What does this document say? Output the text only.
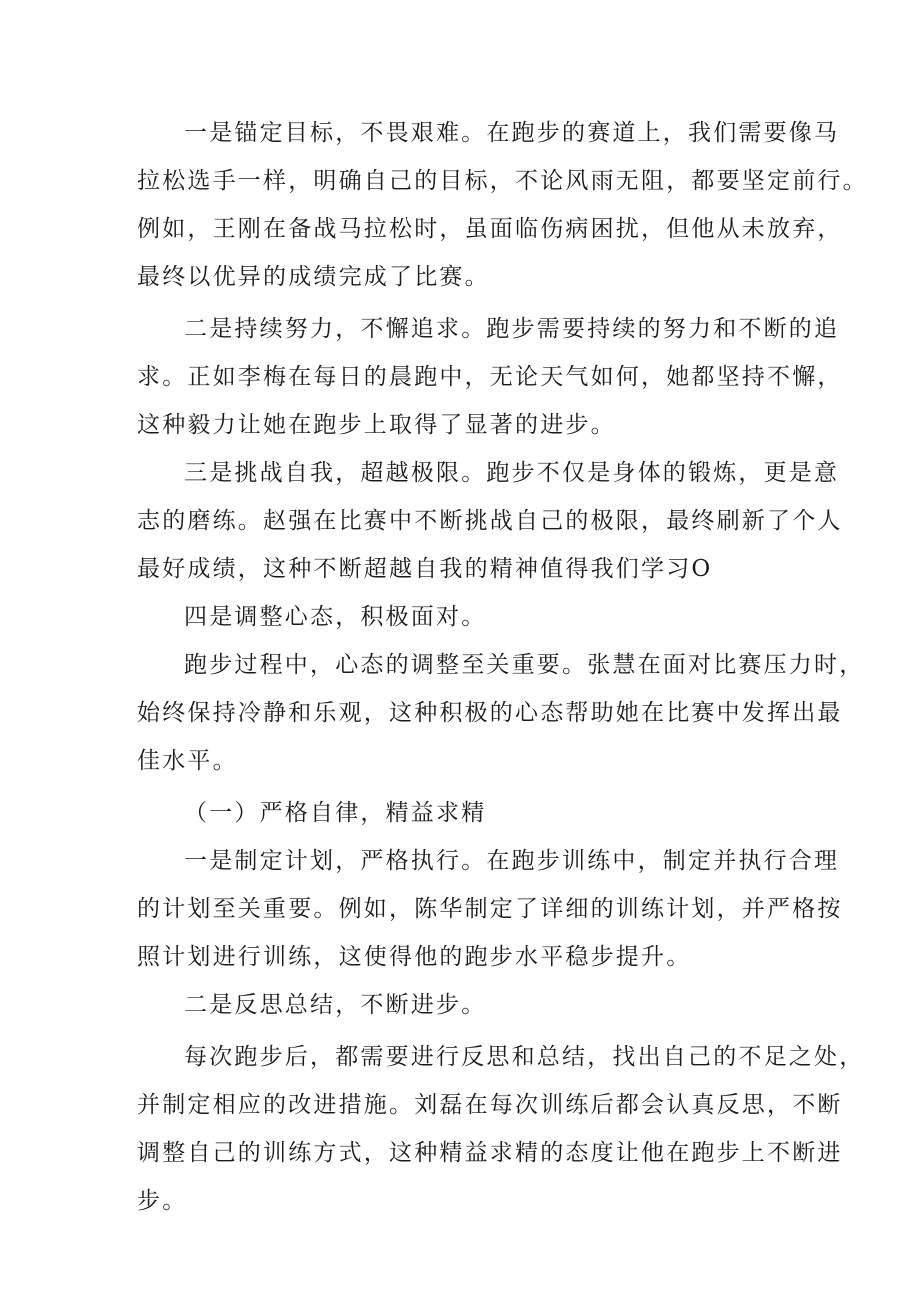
一是锚定目标，不畏艰难。在跑步的赛道上，我们需要像马

拉松选手一样，明确自己的目标，不论风雨无阻，都要坚定前行。

例如，王刚在备战马拉松时，虽面临伤病困扰，但他从未放弃，

最终以优异的成绩完成了比赛。

二是持续努力，不懈追求。跑步需要持续的努力和不断的追

求。正如李梅在每日的晨跑中，无论天气如何，她都坚持不懈，

这种毅力让她在跑步上取得了显著的进步。

三是挑战自我，超越极限。跑步不仅是身体的锻炼，更是意

志的磨练。赵强在比赛中不断挑战自己的极限，最终刷新了个人

最好成绩，这种不断超越自我的精神值得我们学习O

四是调整心态，积极面对。

跑步过程中，心态的调整至关重要。张慧在面对比赛压力时，

始终保持冷静和乐观，这种积极的心态帮助她在比赛中发挥出最

佳水平。

（一）严格自律，精益求精

一是制定计划，严格执行。在跑步训练中，制定并执行合理

的计划至关重要。例如，陈华制定了详细的训练计划，并严格按

照计划进行训练，这使得他的跑步水平稳步提升。

二是反思总结，不断进步。

每次跑步后，都需要进行反思和总结，找出自己的不足之处，

并制定相应的改进措施。刘磊在每次训练后都会认真反思，不断

调整自己的训练方式，这种精益求精的态度让他在跑步上不断进

步。
